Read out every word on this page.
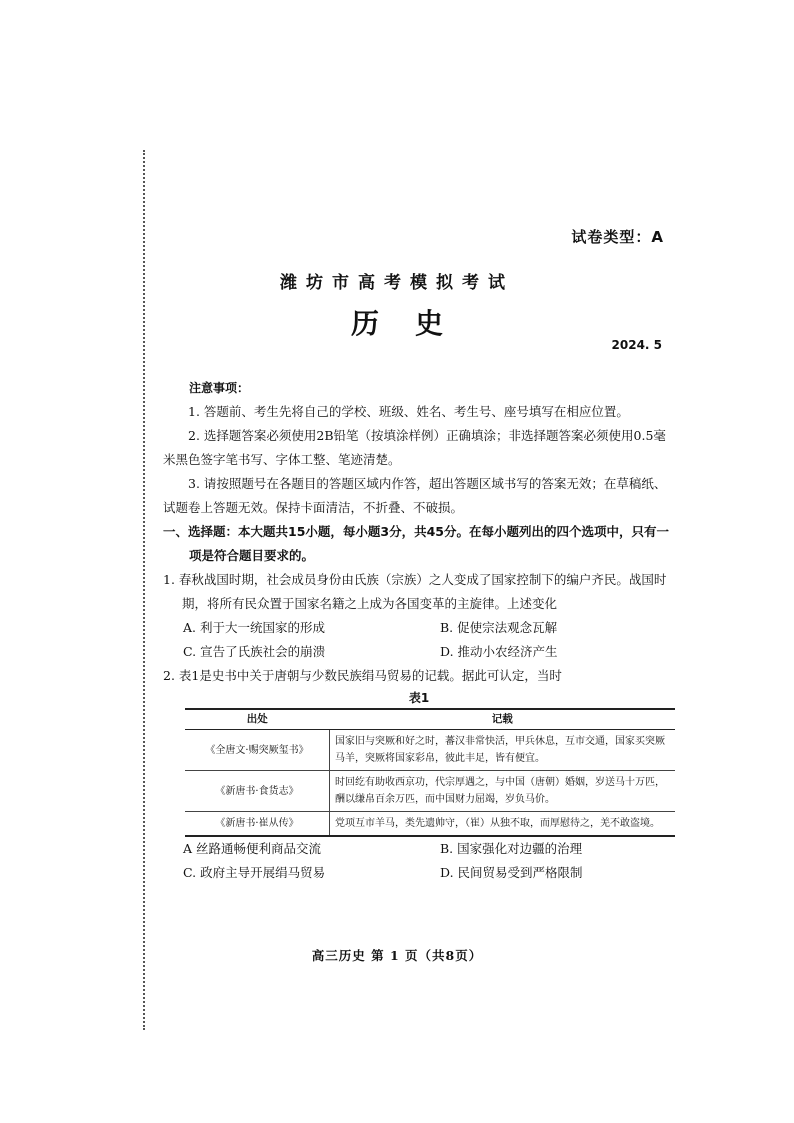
试卷类型：A
潍坊市高考模拟考试
历史
2024. 5

注意事项：

1. 答题前、考生先将自己的学校、班级、姓名、考生号、座号填写在相应位置。

2. 选择题答案必须使用2B铅笔（按填涂样例）正确填涂；非选择题答案必须使用0.5毫米黑色签字笔书写、字体工整、笔迹清楚。

3. 请按照题号在各题目的答题区域内作答，超出答题区域书写的答案无效；在草稿纸、试题卷上答题无效。保持卡面清洁，不折叠、不破损。

一、选择题：本大题共15小题，每小题3分，共45分。在每小题列出的四个选项中，只有一项是符合题目要求的。

1. 春秋战国时期，社会成员身份由氏族（宗族）之人变成了国家控制下的编户齐民。战国时期，将所有民众置于国家名籍之上成为各国变革的主旋律。上述变化

A. 利于大一统国家的形成	B. 促使宗法观念瓦解
C. 宣告了氏族社会的崩溃	D. 推动小农经济产生

2. 表1是史书中关于唐朝与少数民族绢马贸易的记载。据此可认定，当时

表1
出处	记载
《全唐文·赐突厥玺书》	国家旧与突厥和好之时，蕃汉非常快活，甲兵休息，互市交通，国家买突厥马羊，突厥将国家彩帛，彼此丰足，皆有便宜。
《新唐书·食货志》	时回纥有助收西京功，代宗厚遇之，与中国（唐朝）婚姻，岁送马十万匹，酬以缣帛百余万匹，而中国财力屈竭，岁负马价。
《新唐书·崔从传》	党项互市羊马，类先遗帅守，（崔）从独不取，而厚慰待之，羌不敢盗境。
A 丝路通畅便利商品交流	B. 国家强化对边疆的治理
C. 政府主导开展绢马贸易	D. 民间贸易受到严格限制
高三历史 第 1 页（共8页）
